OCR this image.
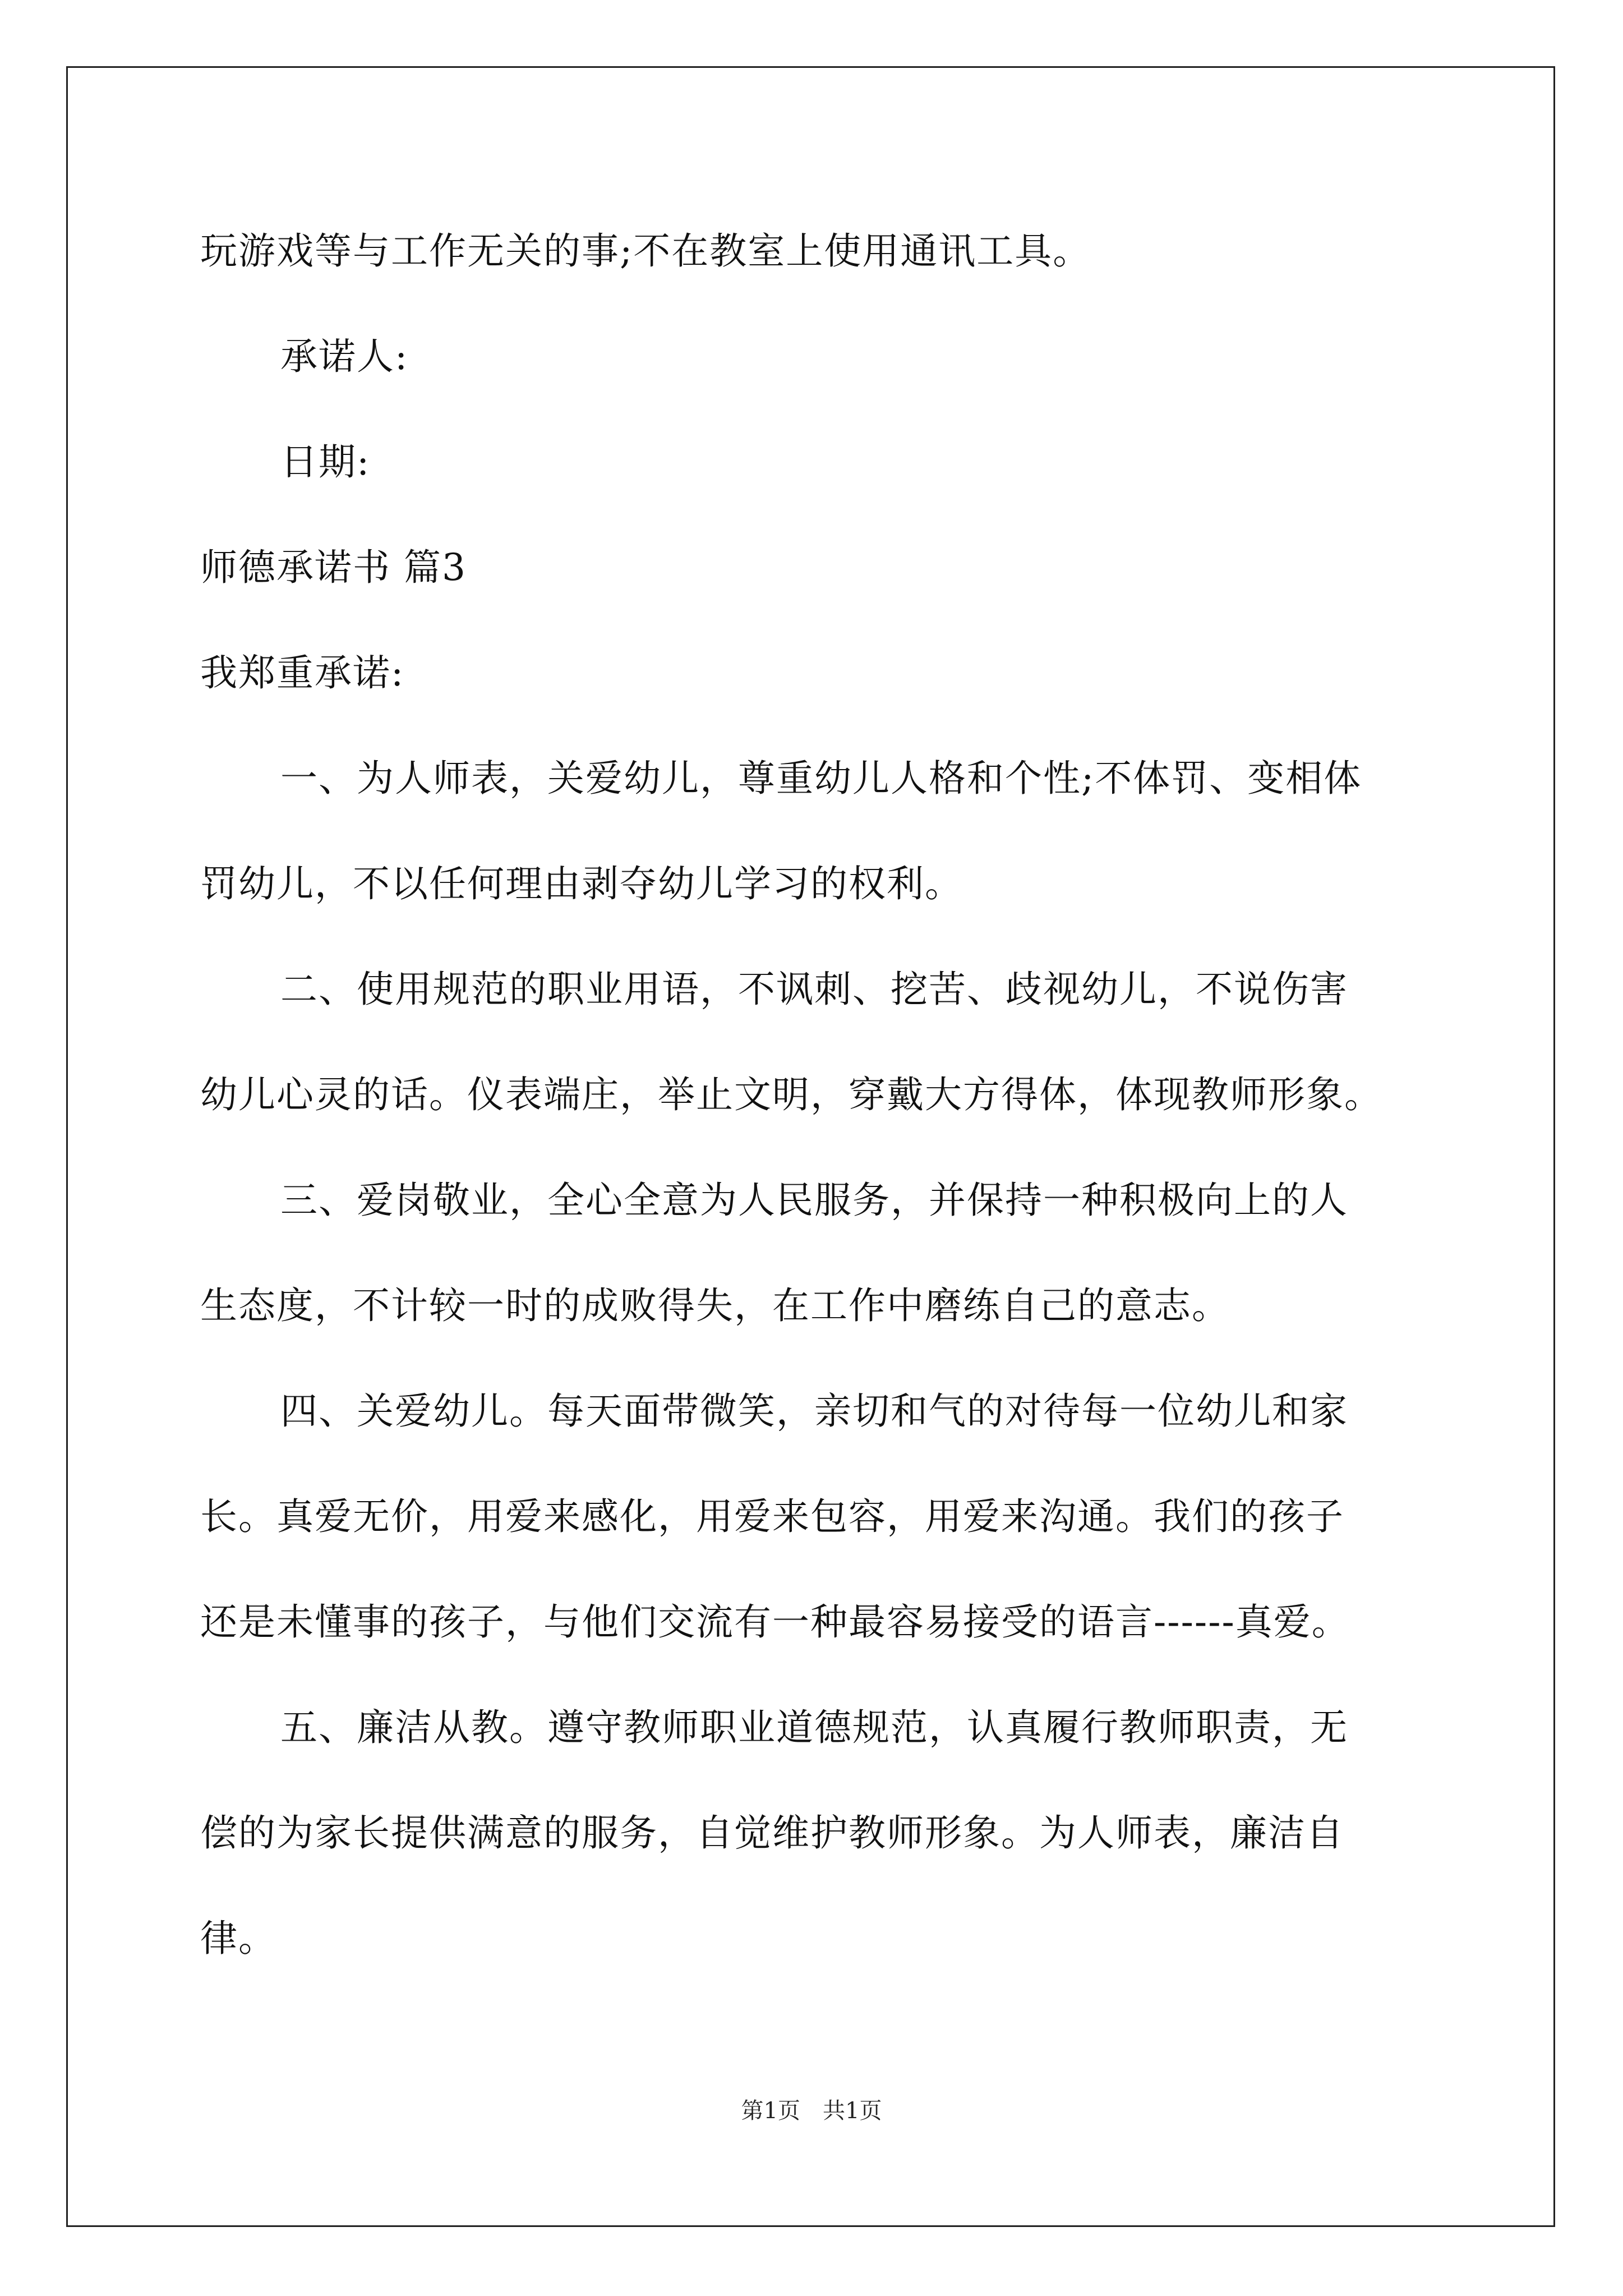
玩游戏等与工作无关的事;不在教室上使用通讯工具。
承诺人:
日期:
师德承诺书 篇3
我郑重承诺:
一、为人师表，关爱幼儿，尊重幼儿人格和个性;不体罚、变相体
罚幼儿，不以任何理由剥夺幼儿学习的权利。
二、使用规范的职业用语，不讽刺、挖苦、歧视幼儿，不说伤害
幼儿心灵的话。仪表端庄，举止文明，穿戴大方得体，体现教师形象。
三、爱岗敬业，全心全意为人民服务，并保持一种积极向上的人
生态度，不计较一时的成败得失，在工作中磨练自己的意志。
四、关爱幼儿。每天面带微笑，亲切和气的对待每一位幼儿和家
长。真爱无价，用爱来感化，用爱来包容，用爱来沟通。我们的孩子
还是未懂事的孩子，与他们交流有一种最容易接受的语言------真爱。
五、廉洁从教。遵守教师职业道德规范，认真履行教师职责，无
偿的为家长提供满意的服务，自觉维护教师形象。为人师表，廉洁自
律。
第1页　共1页
